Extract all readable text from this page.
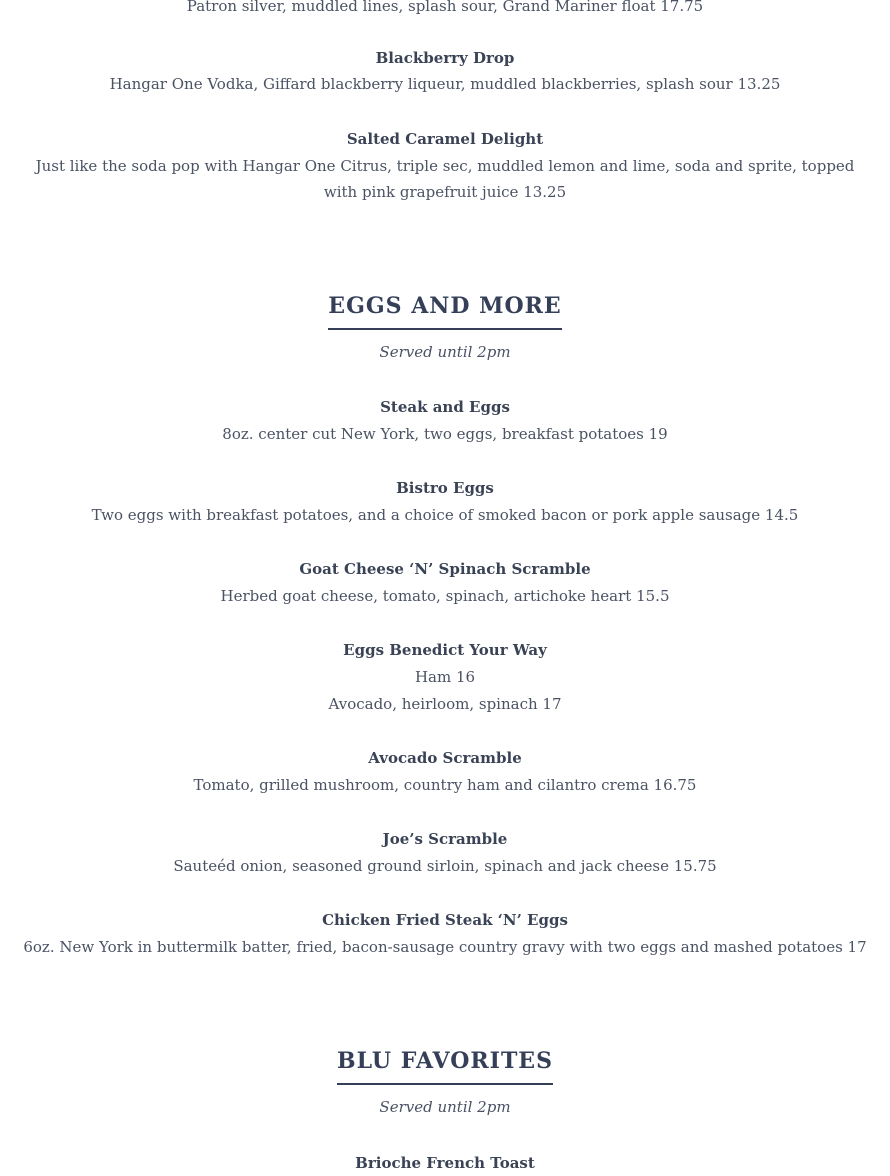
Patron silver, muddled lines, splash sour, Grand Mariner float 17.75
Blackberry Drop
Hangar One Vodka, Giffard blackberry liqueur, muddled blackberries, splash sour 13.25
Salted Caramel Delight
Just like the soda pop with Hangar One Citrus, triple sec, muddled lemon and lime, soda and sprite, topped with pink grapefruit juice 13.25
EGGS AND MORE
Served until 2pm
Steak and Eggs
8oz. center cut New York, two eggs, breakfast potatoes 19
Bistro Eggs
Two eggs with breakfast potatoes, and a choice of smoked bacon or pork apple sausage 14.5
Goat Cheese ‘N’ Spinach Scramble
Herbed goat cheese, tomato, spinach, artichoke heart 15.5
Eggs Benedict Your Way
Ham 16
Avocado, heirloom, spinach 17
Avocado Scramble
Tomato, grilled mushroom, country ham and cilantro crema 16.75
Joe’s Scramble
Sauteéd onion, seasoned ground sirloin, spinach and jack cheese 15.75
Chicken Fried Steak ‘N’ Eggs
6oz. New York in buttermilk batter, fried, bacon-sausage country gravy with two eggs and mashed potatoes 17
BLU FAVORITES
Served until 2pm
Brioche French Toast
